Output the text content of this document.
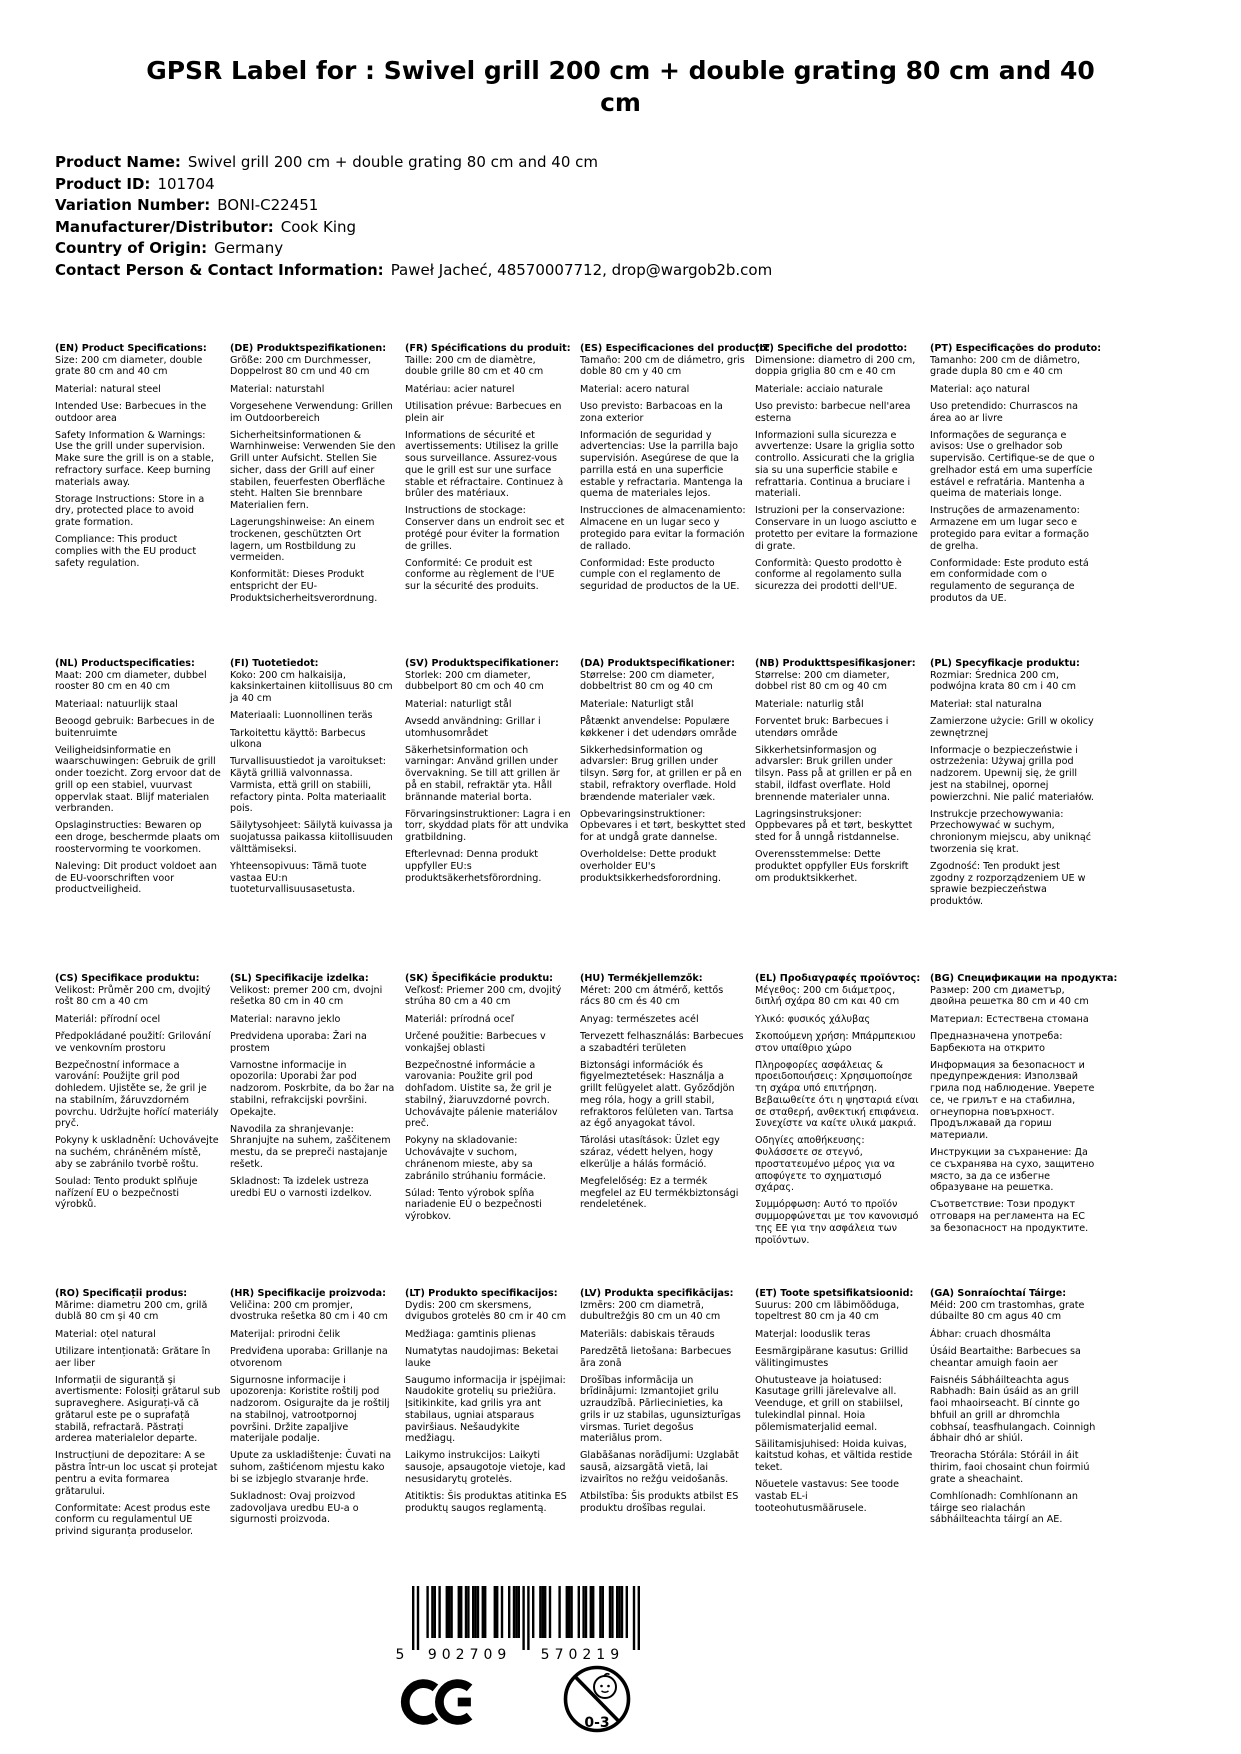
GPSR Label for : Swivel grill 200 cm + double grating 80 cm and 40 cm
Product Name: Swivel grill 200 cm + double grating 80 cm and 40 cm
Product ID: 101704
Variation Number: BONI-C22451
Manufacturer/Distributor: Cook King
Country of Origin: Germany
Contact Person & Contact Information: Paweł Jacheć, 48570007712, drop@wargob2b.com
(EN) Product Specifications:

Size: 200 cm diameter, double grate 80 cm and 40 cm

Material: natural steel

Intended Use: Barbecues in the outdoor area

Safety Information & Warnings: Use the grill under supervision. Make sure the grill is on a stable, refractory surface. Keep burning materials away.

Storage Instructions: Store in a dry, protected place to avoid grate formation.

Compliance: This product complies with the EU product safety regulation.

(DE) Produktspezifikationen:

Größe: 200 cm Durchmesser, Doppelrost 80 cm und 40 cm

Material: naturstahl

Vorgesehene Verwendung: Grillen im Outdoorbereich

Sicherheitsinformationen & Warnhinweise: Verwenden Sie den Grill unter Aufsicht. Stellen Sie sicher, dass der Grill auf einer stabilen, feuerfesten Oberfläche steht. Halten Sie brennbare Materialien fern.

Lagerungshinweise: An einem trockenen, geschützten Ort lagern, um Rostbildung zu vermeiden.

Konformität: Dieses Produkt entspricht der EU-Produktsicherheitsverordnung.

(FR) Spécifications du produit:

Taille: 200 cm de diamètre, double grille 80 cm et 40 cm

Matériau: acier naturel

Utilisation prévue: Barbecues en plein air

Informations de sécurité et avertissements: Utilisez la grille sous surveillance. Assurez-vous que le grill est sur une surface stable et réfractaire. Continuez à brûler des matériaux.

Instructions de stockage: Conserver dans un endroit sec et protégé pour éviter la formation de grilles.

Conformité: Ce produit est conforme au règlement de l'UE sur la sécurité des produits.

(ES) Especificaciones del producto:

Tamaño: 200 cm de diámetro, gris doble 80 cm y 40 cm

Material: acero natural

Uso previsto: Barbacoas en la zona exterior

Información de seguridad y advertencias: Use la parrilla bajo supervisión. Asegúrese de que la parrilla está en una superficie estable y refractaria. Mantenga la quema de materiales lejos.

Instrucciones de almacenamiento: Almacene en un lugar seco y protegido para evitar la formación de rallado.

Conformidad: Este producto cumple con el reglamento de seguridad de productos de la UE.

(IT) Specifiche del prodotto:

Dimensione: diametro di 200 cm, doppia griglia 80 cm e 40 cm

Materiale: acciaio naturale

Uso previsto: barbecue nell'area esterna

Informazioni sulla sicurezza e avvertenze: Usare la griglia sotto controllo. Assicurati che la griglia sia su una superficie stabile e refrattaria. Continua a bruciare i materiali.

Istruzioni per la conservazione: Conservare in un luogo asciutto e protetto per evitare la formazione di grate.

Conformità: Questo prodotto è conforme al regolamento sulla sicurezza dei prodotti dell'UE.

(PT) Especificações do produto:

Tamanho: 200 cm de diâmetro, grade dupla 80 cm e 40 cm

Material: aço natural

Uso pretendido: Churrascos na área ao ar livre

Informações de segurança e avisos: Use o grelhador sob supervisão. Certifique-se de que o grelhador está em uma superfície estável e refratária. Mantenha a queima de materiais longe.

Instruções de armazenamento: Armazene em um lugar seco e protegido para evitar a formação de grelha.

Conformidade: Este produto está em conformidade com o regulamento de segurança de produtos da UE.

(NL) Productspecificaties:

Maat: 200 cm diameter, dubbel rooster 80 cm en 40 cm

Materiaal: natuurlijk staal

Beoogd gebruik: Barbecues in de buitenruimte

Veiligheidsinformatie en waarschuwingen: Gebruik de grill onder toezicht. Zorg ervoor dat de grill op een stabiel, vuurvast oppervlak staat. Blijf materialen verbranden.

Opslaginstructies: Bewaren op een droge, beschermde plaats om roostervorming te voorkomen.

Naleving: Dit product voldoet aan de EU-voorschriften voor productveiligheid.

(FI) Tuotetiedot:

Koko: 200 cm halkaisija, kaksinkertainen kiitollisuus 80 cm ja 40 cm

Materiaali: Luonnollinen teräs

Tarkoitettu käyttö: Barbecus ulkona

Turvallisuustiedot ja varoitukset: Käytä grilliä valvonnassa. Varmista, että grill on stabiili, refactory pinta. Polta materiaalit pois.

Säilytysohjeet: Säilytä kuivassa ja suojatussa paikassa kiitollisuuden välttämiseksi.

Yhteensopivuus: Tämä tuote vastaa EU:n tuoteturvallisuusasetusta.

(SV) Produktspecifikationer:

Storlek: 200 cm diameter, dubbelport 80 cm och 40 cm

Material: naturligt stål

Avsedd användning: Grillar i utomhusområdet

Säkerhetsinformation och varningar: Använd grillen under övervakning. Se till att grillen är på en stabil, refraktär yta. Håll brännande material borta.

Förvaringsinstruktioner: Lagra i en torr, skyddad plats för att undvika gratbildning.

Efterlevnad: Denna produkt uppfyller EU:s produktsäkerhetsförordning.

(DA) Produktspecifikationer:

Størrelse: 200 cm diameter, dobbeltrist 80 cm og 40 cm

Materiale: Naturligt stål

Påtænkt anvendelse: Populære køkkener i det udendørs område

Sikkerhedsinformation og advarsler: Brug grillen under tilsyn. Sørg for, at grillen er på en stabil, refraktory overflade. Hold brændende materialer væk.

Opbevaringsinstruktioner: Opbevares i et tørt, beskyttet sted for at undgå grate dannelse.

Overholdelse: Dette produkt overholder EU's produktsikkerhedsforordning.

(NB) Produkttspesifikasjoner:

Størrelse: 200 cm diameter, dobbel rist 80 cm og 40 cm

Materiale: naturlig stål

Forventet bruk: Barbecues i utendørs område

Sikkerhetsinformasjon og advarsler: Bruk grillen under tilsyn. Pass på at grillen er på en stabil, ildfast overflate. Hold brennende materialer unna.

Lagringsinstruksjoner: Oppbevares på et tørt, beskyttet sted for å unngå ristdannelse.

Overensstemmelse: Dette produktet oppfyller EUs forskrift om produktsikkerhet.

(PL) Specyfikacje produktu:

Rozmiar: Średnica 200 cm, podwójna krata 80 cm i 40 cm

Materiał: stal naturalna

Zamierzone użycie: Grill w okolicy zewnętrznej

Informacje o bezpieczeństwie i ostrzeżenia: Używaj grilla pod nadzorem. Upewnij się, że grill jest na stabilnej, opornej powierzchni. Nie palić materiałów.

Instrukcje przechowywania: Przechowywać w suchym, chronionym miejscu, aby uniknąć tworzenia się krat.

Zgodność: Ten produkt jest zgodny z rozporządzeniem UE w sprawie bezpieczeństwa produktów.

(CS) Specifikace produktu:

Velikost: Průměr 200 cm, dvojitý rošt 80 cm a 40 cm

Materiál: přírodní ocel

Předpokládané použití: Grilování ve venkovním prostoru

Bezpečnostní informace a varování: Použijte gril pod dohledem. Ujistěte se, že gril je na stabilním, žáruvzdorném povrchu. Udržujte hořící materiály pryč.

Pokyny k uskladnění: Uchovávejte na suchém, chráněném místě, aby se zabránilo tvorbě roštu.

Soulad: Tento produkt splňuje nařízení EU o bezpečnosti výrobků.

(SL) Specifikacije izdelka:

Velikost: premer 200 cm, dvojni rešetka 80 cm in 40 cm

Material: naravno jeklo

Predvidena uporaba: Žari na prostem

Varnostne informacije in opozorila: Uporabi žar pod nadzorom. Poskrbite, da bo žar na stabilni, refrakcijski površini. Opekajte.

Navodila za shranjevanje: Shranjujte na suhem, zaščitenem mestu, da se prepreči nastajanje rešetk.

Skladnost: Ta izdelek ustreza uredbi EU o varnosti izdelkov.

(SK) Špecifikácie produktu:

Veľkosť: Priemer 200 cm, dvojitý strúha 80 cm a 40 cm

Materiál: prírodná oceľ

Určené použitie: Barbecues v vonkajšej oblasti

Bezpečnostné informácie a varovania: Použite gril pod dohľadom. Uistite sa, že gril je stabilný, žiaruvzdorné povrch. Uchovávajte pálenie materiálov preč.

Pokyny na skladovanie: Uchovávajte v suchom, chránenom mieste, aby sa zabránilo strúhaniu formácie.

Súlad: Tento výrobok spĺňa nariadenie EÚ o bezpečnosti výrobkov.

(HU) Termékjellemzők:

Méret: 200 cm átmérő, kettős rács 80 cm és 40 cm

Anyag: természetes acél

Tervezett felhasználás: Barbecues a szabadtéri területen

Biztonsági információk és figyelmeztetések: Használja a grillt felügyelet alatt. Győződjön meg róla, hogy a grill stabil, refraktoros felületen van. Tartsa az égő anyagokat távol.

Tárolási utasítások: Üzlet egy száraz, védett helyen, hogy elkerülje a hálás formáció.

Megfelelőség: Ez a termék megfelel az EU termékbiztonsági rendeletének.

(EL) Προδιαγραφές προϊόντος:

Μέγεθος: 200 cm διάμετρος, διπλή σχάρα 80 cm και 40 cm

Υλικό: φυσικός χάλυβας

Σκοπούμενη χρήση: Μπάρμπεκιου στον υπαίθριο χώρο

Πληροφορίες ασφάλειας & προειδοποιήσεις: Χρησιμοποίησε τη σχάρα υπό επιτήρηση. Βεβαιωθείτε ότι η ψησταριά είναι σε σταθερή, ανθεκτική επιφάνεια. Συνεχίστε να καίτε υλικά μακριά.

Οδηγίες αποθήκευσης: Φυλάσσετε σε στεγνό, προστατευμένο μέρος για να αποφύγετε το σχηματισμό σχάρας.

Συμμόρφωση: Αυτό το προϊόν συμμορφώνεται με τον κανονισμό της ΕΕ για την ασφάλεια των προϊόντων.

(BG) Спецификации на продукта:

Размер: 200 cm диаметър, двойна решетка 80 cm и 40 cm

Материал: Естествена стомана

Предназначена употреба: Барбекюта на открито

Информация за безопасност и предупреждения: Използвай грила под наблюдение. Уверете се, че грилът е на стабилна, огнеупорна повърхност. Продължавай да гориш материали.

Инструкции за съхранение: Да се съхранява на сухо, защитено място, за да се избегне образуване на решетка.

Съответствие: Този продукт отговаря на регламента на ЕС за безопасност на продуктите.

(RO) Specificații produs:

Mărime: diametru 200 cm, grilă dublă 80 cm și 40 cm

Material: oțel natural

Utilizare intenționată: Grătare în aer liber

Informații de siguranță și avertismente: Folosiți grătarul sub supraveghere. Asigurați-vă că grătarul este pe o suprafață stabilă, refractară. Păstrați arderea materialelor departe.

Instrucțiuni de depozitare: A se păstra într-un loc uscat și protejat pentru a evita formarea grătarului.

Conformitate: Acest produs este conform cu regulamentul UE privind siguranța produselor.

(HR) Specifikacije proizvoda:

Veličina: 200 cm promjer, dvostruka rešetka 80 cm i 40 cm

Materijal: prirodni čelik

Predviđena uporaba: Grillanje na otvorenom

Sigurnosne informacije i upozorenja: Koristite roštilj pod nadzorom. Osigurajte da je roštilj na stabilnoj, vatrootpornoj površini. Držite zapaljive materijale podalje.

Upute za uskladištenje: Čuvati na suhom, zaštićenom mjestu kako bi se izbjeglo stvaranje hrđe.

Sukladnost: Ovaj proizvod zadovoljava uredbu EU-a o sigurnosti proizvoda.

(LT) Produkto specifikacijos:

Dydis: 200 cm skersmens, dvigubos grotelės 80 cm ir 40 cm

Medžiaga: gamtinis plienas

Numatytas naudojimas: Beketai lauke

Saugumo informacija ir įspėjimai: Naudokite grotelių su priežiūra. Įsitikinkite, kad grilis yra ant stabilaus, ugniai atsparaus paviršiaus. Nešaudykite medžiagų.

Laikymo instrukcijos: Laikyti sausoje, apsaugotoje vietoje, kad nesusidarytų grotelės.

Atitiktis: Šis produktas atitinka ES produktų saugos reglamentą.

(LV) Produkta specifikācijas:

Izmērs: 200 cm diametrā, dubultrežģis 80 cm un 40 cm

Materiāls: dabiskais tērauds

Paredzētā lietošana: Barbecues āra zonā

Drošības informācija un brīdinājumi: Izmantojiet grilu uzraudzībā. Pārliecinieties, ka grils ir uz stabilas, ugunsizturīgas virsmas. Turiet degošus materiālus prom.

Glabāšanas norādījumi: Uzglabāt sausā, aizsargātā vietā, lai izvairītos no režģu veidošanās.

Atbilstība: Šis produkts atbilst ES produktu drošības regulai.

(ET) Toote spetsifikatsioonid:

Suurus: 200 cm läbimõõduga, topeltrest 80 cm ja 40 cm

Materjal: looduslik teras

Eesmärgipärane kasutus: Grillid välitingimustes

Ohutusteave ja hoiatused: Kasutage grilli järelevalve all. Veenduge, et grill on stabiilsel, tulekindlal pinnal. Hoia põlemismaterjalid eemal.

Säilitamisjuhised: Hoida kuivas, kaitstud kohas, et vältida restide teket.

Nõuetele vastavus: See toode vastab EL-i tooteohutusmäärusele.

(GA) Sonraíochtaí Táirge:

Méid: 200 cm trastomhas, grate dúbailte 80 cm agus 40 cm

Ábhar: cruach dhosmálta

Úsáid Beartaithe: Barbecues sa cheantar amuigh faoin aer

Faisnéis Sábháilteachta agus Rabhadh: Bain úsáid as an grill faoi mhaoirseacht. Bí cinnte go bhfuil an grill ar dhromchla cobhsaí, teasfhulangach. Coinnigh ábhair dhó ar shiúl.

Treoracha Stórála: Stóráil in áit thirim, faoi chosaint chun foirmiú grate a sheachaint.

Comhlíonadh: Comhlíonann an táirge seo rialachán sábháilteachta táirgí an AE.

5 902709 570219
0-3
